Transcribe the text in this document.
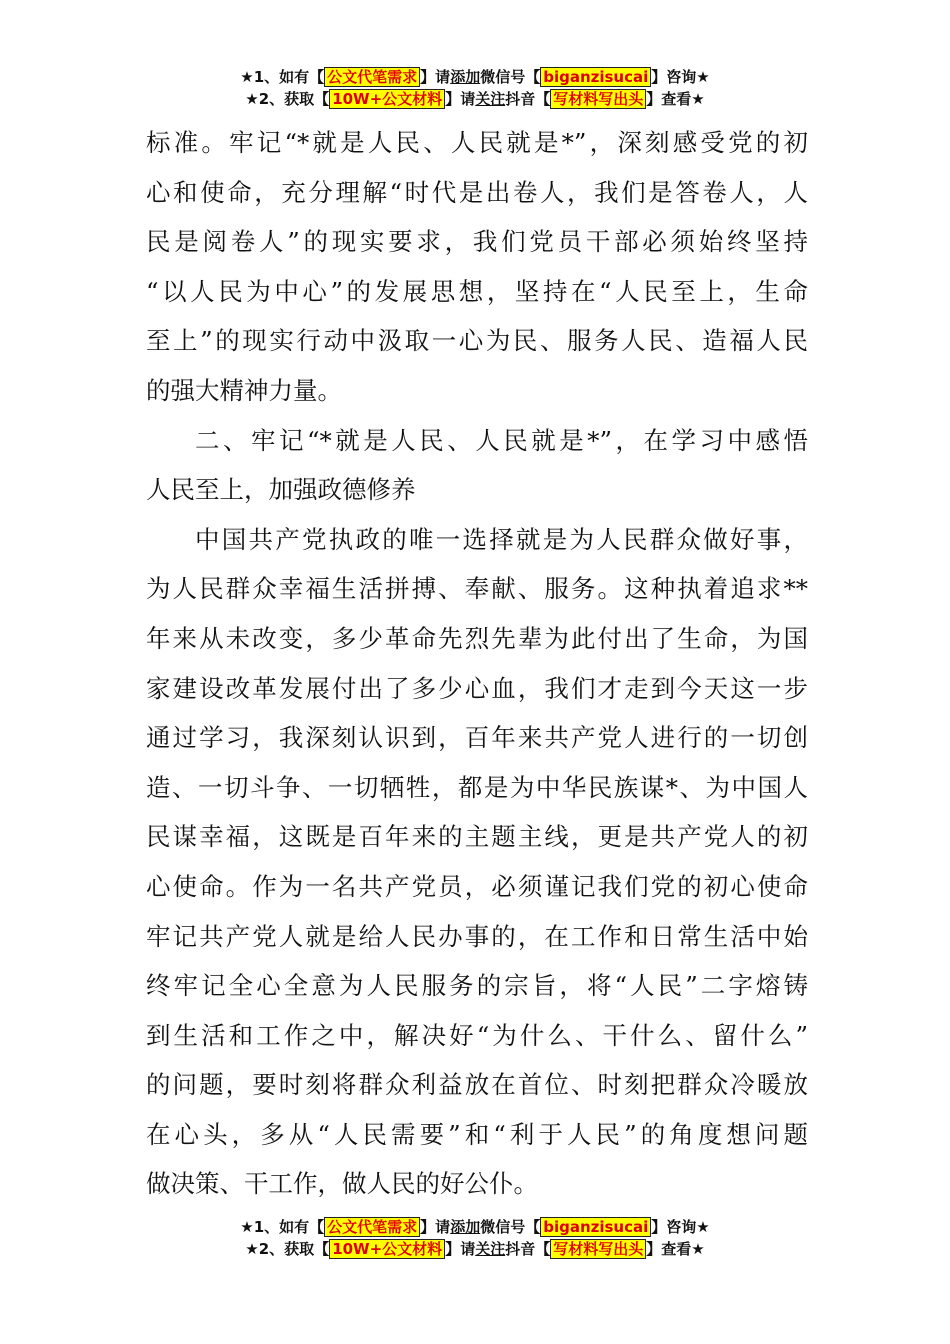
★1、如有【 公文代笔需求 】请添加微信号【 biganzisucai 】咨询★
★2、获取【 10W+公文材料 】请关注抖音【 写材料写出头 】查看★
标准。牢记“*就是人民、人民就是*”，深刻感受党的初
心和使命，充分理解“时代是出卷人，我们是答卷人，人
民是阅卷人”的现实要求，我们党员干部必须始终坚持
“以人民为中心”的发展思想，坚持在“人民至上，生命
至上”的现实行动中汲取一心为民、服务人民、造福人民
的强大精神力量。
二、牢记“*就是人民、人民就是*”，在学习中感悟
人民至上，加强政德修养
中国共产党执政的唯一选择就是为人民群众做好事，
为人民群众幸福生活拼搏、奉献、服务。这种执着追求**
年来从未改变，多少革命先烈先辈为此付出了生命，为国
家建设改革发展付出了多少心血，我们才走到今天这一步
通过学习，我深刻认识到，百年来共产党人进行的一切创
造、一切斗争、一切牺牲，都是为中华民族谋*、为中国人
民谋幸福，这既是百年来的主题主线，更是共产党人的初
心使命。作为一名共产党员，必须谨记我们党的初心使命
牢记共产党人就是给人民办事的，在工作和日常生活中始
终牢记全心全意为人民服务的宗旨，将“人民”二字熔铸
到生活和工作之中，解决好“为什么、干什么、留什么”
的问题，要时刻将群众利益放在首位、时刻把群众冷暖放
在心头，多从“人民需要”和“利于人民”的角度想问题
做决策、干工作，做人民的好公仆。
★1、如有【 公文代笔需求 】请添加微信号【 biganzisucai 】咨询★
★2、获取【 10W+公文材料 】请关注抖音【 写材料写出头 】查看★
